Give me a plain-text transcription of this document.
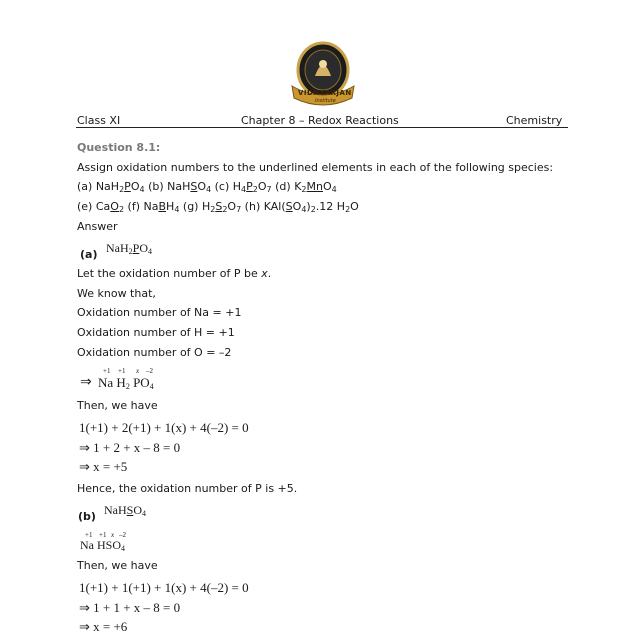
VIDHYARJAN
Institute
Class XI	Chapter 8 – Redox Reactions	Chemistry
Question 8.1:
Assign oxidation numbers to the underlined elements in each of the following species:
(a) $NaH_2PO_4$ (b) NaHSO$_4$ (c) $H_4P_2O_7$ (d) $K_2MnO_4$
(e) CaO$_2$ (f) NaBH$_4$ (g) $H_2S_2O_7$ (h) $KAl(SO_4)_2.12$ $H_2O$
Answer
(a) $NaH_2PO_4$
Let the oxidation number of P be x.
We know that,
Oxidation number of Na = +1
Oxidation number of H = +1
Oxidation number of O = –2
⇒
+1 +1 x –2
Na $H_2$ $PO_4$
Then, we have
1(+1) + 2(+1) + 1(x) + 4(–2) = 0
⇒ 1 + 2 + x – 8 = 0
⇒ x = +5
Hence, the oxidation number of P is +5.
(b) NaHSO$_4$
+1 +1 x –2
Na $HSO_4$
Then, we have
1(+1) + 1(+1) + 1(x) + 4(–2) = 0
⇒ 1 + 1 + x – 8 = 0
⇒ x = +6
